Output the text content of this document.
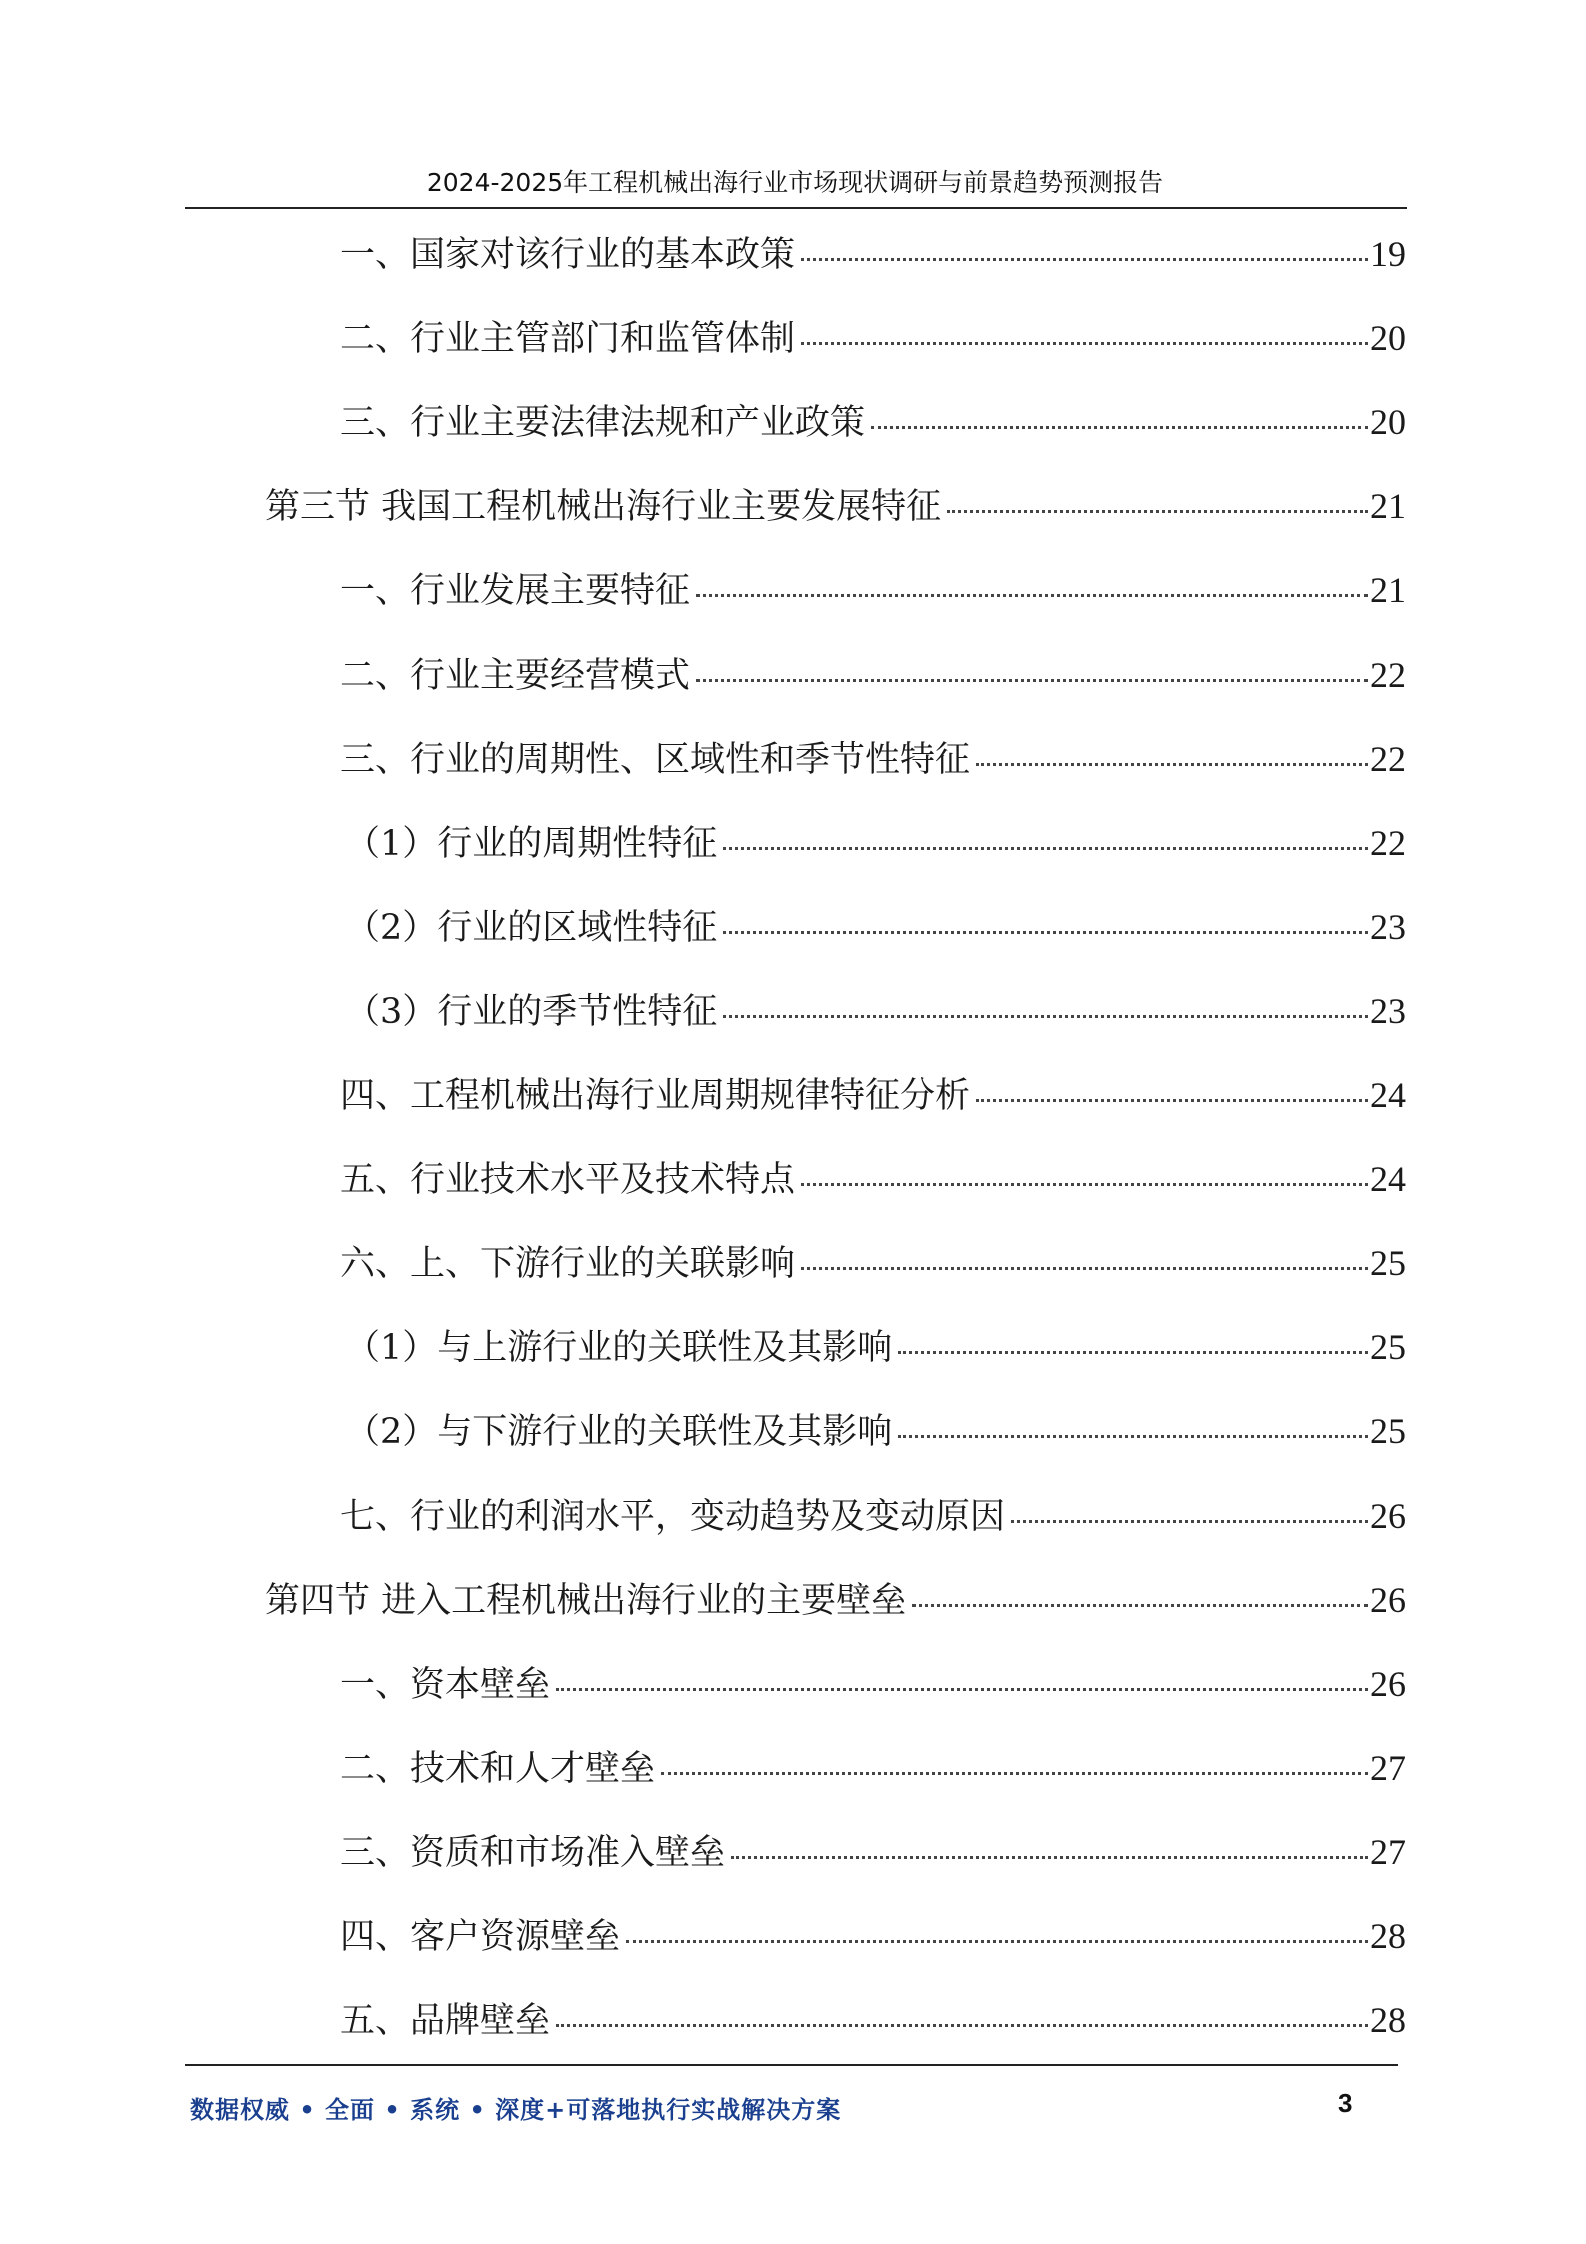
2024-2025年工程机械出海行业市场现状调研与前景趋势预测报告
一、国家对该行业的基本政策	19
二、行业主管部门和监管体制	20
三、行业主要法律法规和产业政策	20
第三节 我国工程机械出海行业主要发展特征	21
一、行业发展主要特征	21
二、行业主要经营模式	22
三、行业的周期性、区域性和季节性特征	22
（1）行业的周期性特征	22
（2）行业的区域性特征	23
（3）行业的季节性特征	23
四、工程机械出海行业周期规律特征分析	24
五、行业技术水平及技术特点	24
六、上、下游行业的关联影响	25
（1）与上游行业的关联性及其影响	25
（2）与下游行业的关联性及其影响	25
七、行业的利润水平，变动趋势及变动原因	26
第四节 进入工程机械出海行业的主要壁垒	26
一、资本壁垒	26
二、技术和人才壁垒	27
三、资质和市场准入壁垒	27
四、客户资源壁垒	28
五、品牌壁垒	28
数据权威 • 全面 • 系统 • 深度+可落地执行实战解决方案	3
